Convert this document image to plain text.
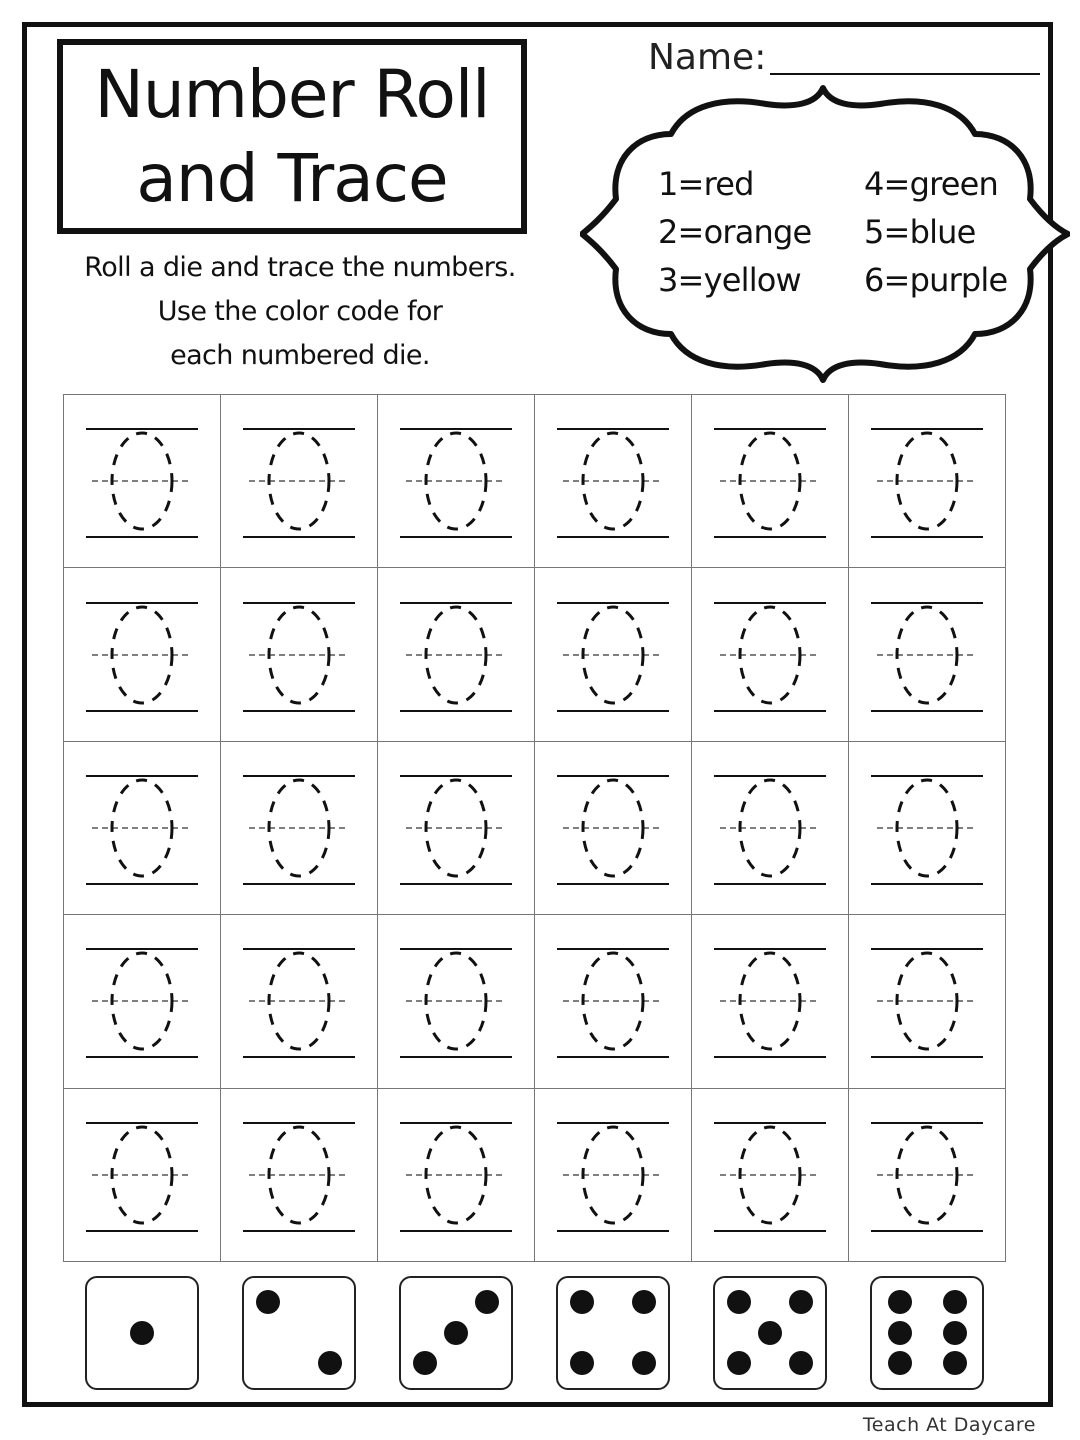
Number Roll
and Trace
Name:
Roll a die and trace the numbers.
Use the color code for
each numbered die.
1=red
2=orange
3=yellow
4=green
5=blue
6=purple
Teach At Daycare
